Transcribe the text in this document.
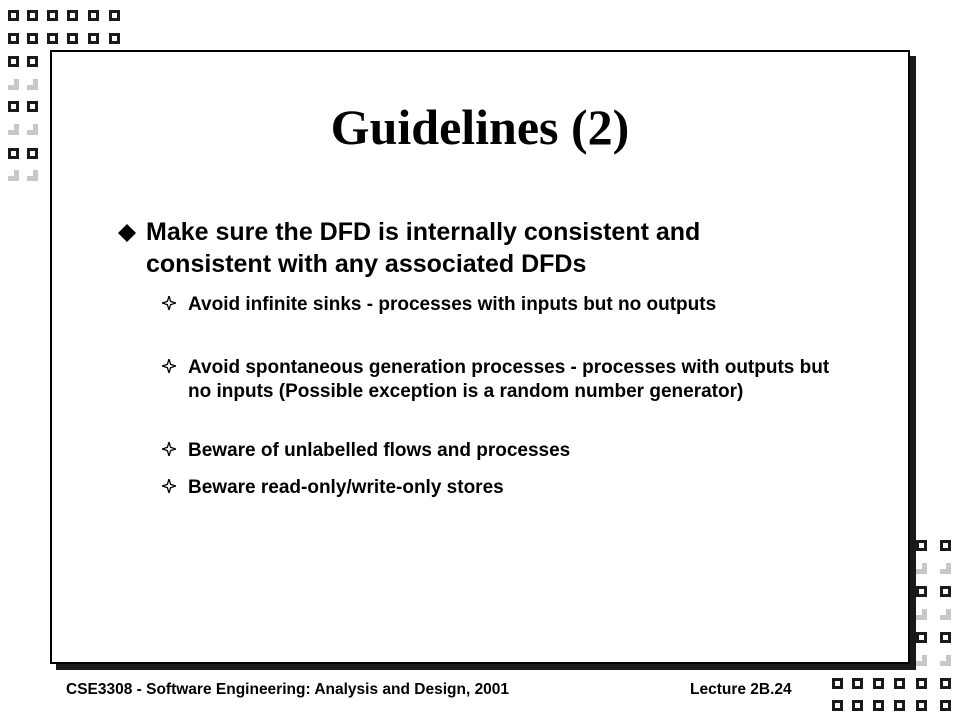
Guidelines (2)
Make sure the DFD is internally consistent and consistent with any associated DFDs
Avoid infinite sinks - processes with inputs but no outputs
Avoid spontaneous generation processes - processes with outputs but no inputs (Possible exception is a random number generator)
Beware of unlabelled flows and processes
Beware read-only/write-only stores
CSE3308 - Software Engineering: Analysis and Design, 2001	Lecture 2B.24
